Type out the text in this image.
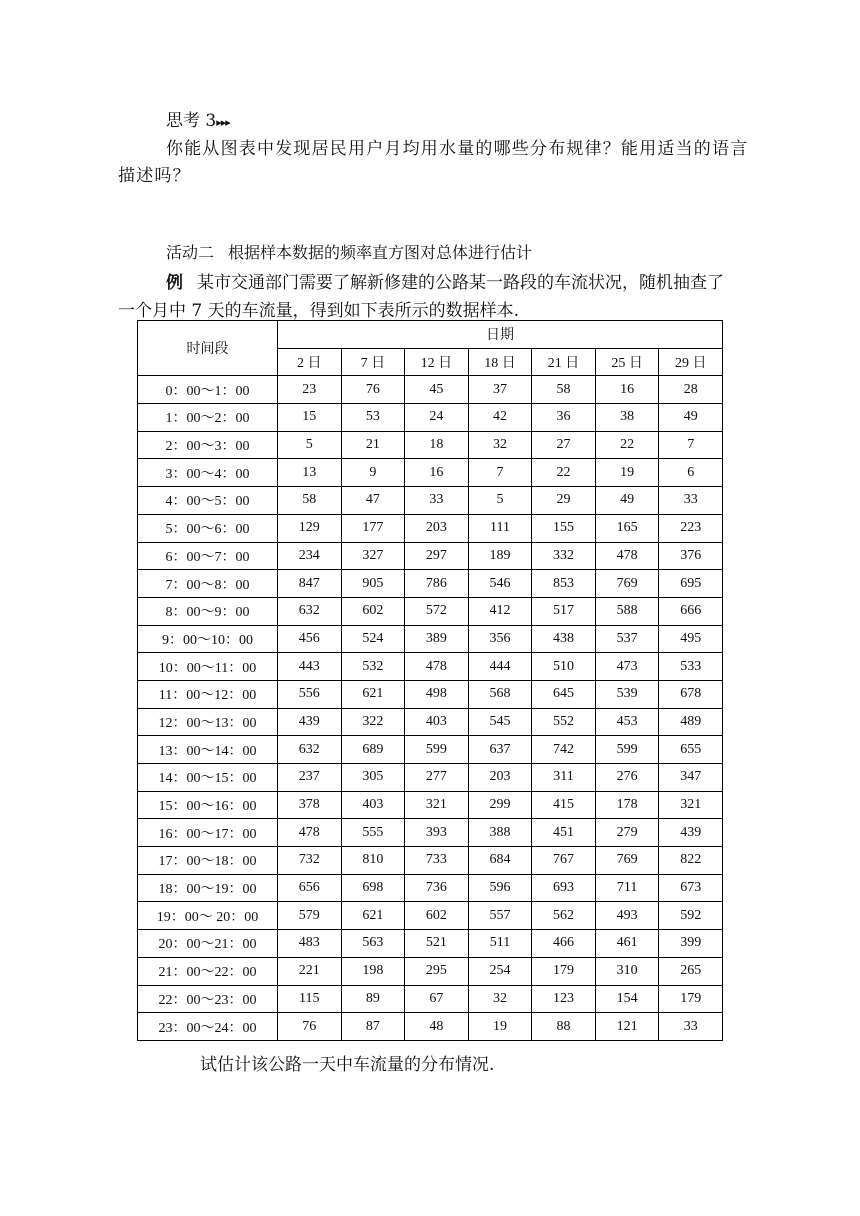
思考 3▸▸▸
你能从图表中发现居民用户月均用水量的哪些分布规律？能用适当的语言
描述吗？
活动二 根据样本数据的频率直方图对总体进行估计
例 某市交通部门需要了解新修建的公路某一路段的车流状况，随机抽查了
一个月中 7 天的车流量，得到如下表所示的数据样本.
时间段	日期						
	2 日	7 日	12 日	18 日	21 日	25 日	29 日
0：00～1：00	23	76	45	37	58	16	28
1：00～2：00	15	53	24	42	36	38	49
2：00～3：00	5	21	18	32	27	22	7
3：00～4：00	13	9	16	7	22	19	6
4：00～5：00	58	47	33	5	29	49	33
5：00～6：00	129	177	203	111	155	165	223
6：00～7：00	234	327	297	189	332	478	376
7：00～8：00	847	905	786	546	853	769	695
8：00～9：00	632	602	572	412	517	588	666
9：00～10：00	456	524	389	356	438	537	495
10：00～11：00	443	532	478	444	510	473	533
11：00～12：00	556	621	498	568	645	539	678
12：00～13：00	439	322	403	545	552	453	489
13：00～14：00	632	689	599	637	742	599	655
14：00～15：00	237	305	277	203	311	276	347
15：00～16：00	378	403	321	299	415	178	321
16：00～17：00	478	555	393	388	451	279	439
17：00～18：00	732	810	733	684	767	769	822
18：00～19：00	656	698	736	596	693	711	673
19：00～ 20：00	579	621	602	557	562	493	592
20：00～21：00	483	563	521	511	466	461	399
21：00～22：00	221	198	295	254	179	310	265
22：00～23：00	115	89	67	32	123	154	179
23：00～24：00	76	87	48	19	88	121	33
试估计该公路一天中车流量的分布情况.
